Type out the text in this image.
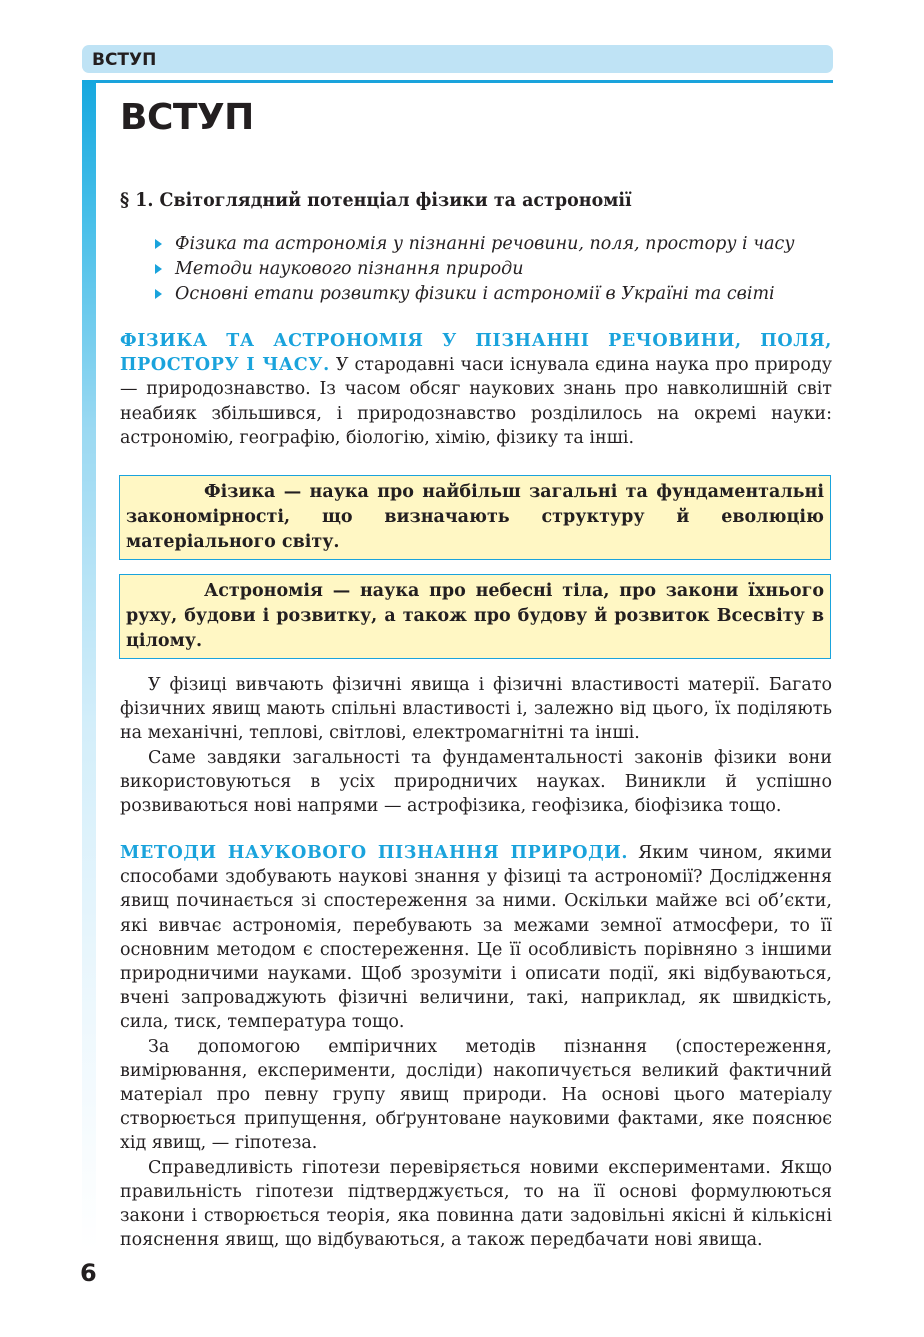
ВСТУП
ВСТУП
§ 1. Світоглядний потенціал фізики та астрономії
Фізика та астрономія у пізнанні речовини, поля, простору і часу
Методи наукового пізнання природи
Основні етапи розвитку фізики і астрономії в Україні та світі

ФІЗИКА ТА АСТРОНОМІЯ У ПІЗНАННІ РЕЧОВИНИ, ПОЛЯ, ПРОСТОРУ І ЧАСУ. У стародавні часи існувала єдина наука про природу — природознавство. Із часом обсяг наукових знань про навколишній світ неабияк збільшився, і природознавство розділилось на окремі науки: астрономію, географію, біологію, хімію, фізику та інші.

Фізика — наука про найбільш загальні та фундаментальні закономірності, що визначають структуру й еволюцію матеріального світу.
Астрономія — наука про небесні тіла, про закони їхнього руху, будови і розвитку, а також про будову й розвиток Всесвіту в цілому.

У фізиці вивчають фізичні явища і фізичні властивості матерії. Багато фізичних явищ мають спільні властивості і, залежно від цього, їх поділяють на механічні, теплові, світлові, електромагнітні та інші.

Саме завдяки загальності та фундаментальності законів фізики вони використовуються в усіх природничих науках. Виникли й успішно розвиваються нові напрями — астрофізика, геофізика, біофізика тощо.

МЕТОДИ НАУКОВОГО ПІЗНАННЯ ПРИРОДИ. Яким чином, якими способами здобувають наукові знання у фізиці та астрономії? Дослідження явищ починається зі спостереження за ними. Оскільки майже всі об’єкти, які вивчає астрономія, перебувають за межами земної атмосфери, то її основним методом є спостереження. Це її особливість порівняно з іншими природничими науками. Щоб зрозуміти і описати події, які відбуваються, вчені запроваджують фізичні величини, такі, наприклад, як швидкість, сила, тиск, температура тощо.

За допомогою емпіричних методів пізнання (спостереження, вимірювання, експерименти, досліди) накопичується великий фактичний матеріал про певну групу явищ природи. На основі цього матеріалу створюється припущення, обґрунтоване науковими фактами, яке пояснює хід явищ, — гіпотеза.

Справедливість гіпотези перевіряється новими експериментами. Якщо правильність гіпотези підтверджується, то на її основі формулюються закони і створюється теорія, яка повинна дати задовільні якісні й кількісні пояснення явищ, що відбуваються, а також передбачати нові явища.

6
